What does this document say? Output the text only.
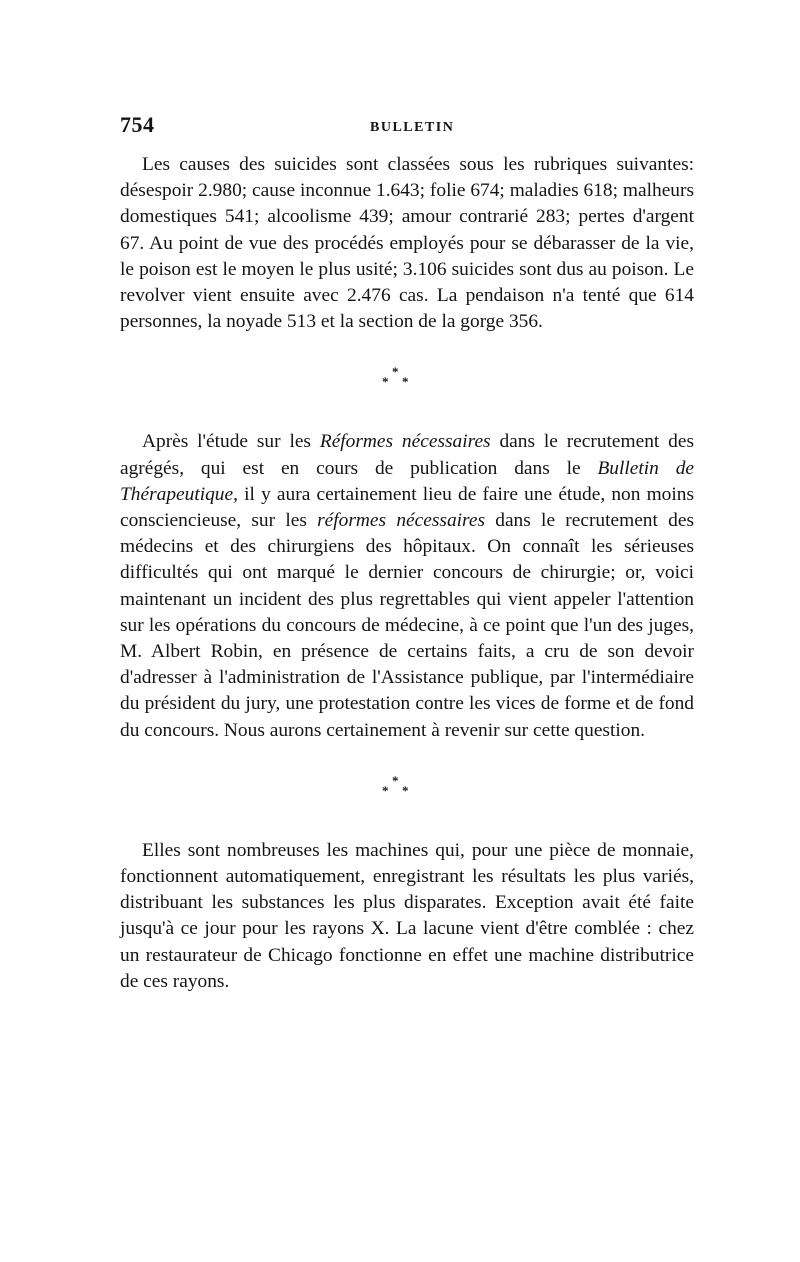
754	BULLETIN

Les causes des suicides sont classées sous les rubriques suivantes: désespoir 2.980; cause inconnue 1.643; folie 674; maladies 618; malheurs domestiques 541; alcoolisme 439; amour contrarié 283; pertes d'argent 67. Au point de vue des procédés employés pour se débarasser de la vie, le poison est le moyen le plus usité; 3.106 suicides sont dus au poison. Le revolver vient ensuite avec 2.476 cas. La pendaison n'a tenté que 614 personnes, la noyade 513 et la section de la gorge 356.

*
* *

Après l'étude sur les Réformes nécessaires dans le recrutement des agrégés, qui est en cours de publication dans le Bulletin de Thérapeutique, il y aura certainement lieu de faire une étude, non moins consciencieuse, sur les réformes nécessaires dans le recrutement des médecins et des chirurgiens des hôpitaux. On connaît les sérieuses difficultés qui ont marqué le dernier concours de chirurgie; or, voici maintenant un incident des plus regrettables qui vient appeler l'attention sur les opérations du concours de médecine, à ce point que l'un des juges, M. Albert Robin, en présence de certains faits, a cru de son devoir d'adresser à l'administration de l'Assistance publique, par l'intermédiaire du président du jury, une protestation contre les vices de forme et de fond du concours. Nous aurons certainement à revenir sur cette question.

*
* *

Elles sont nombreuses les machines qui, pour une pièce de monnaie, fonctionnent automatiquement, enregistrant les résultats les plus variés, distribuant les substances les plus disparates. Exception avait été faite jusqu'à ce jour pour les rayons X. La lacune vient d'être comblée : chez un restaurateur de Chicago fonctionne en effet une machine distributrice de ces rayons.
